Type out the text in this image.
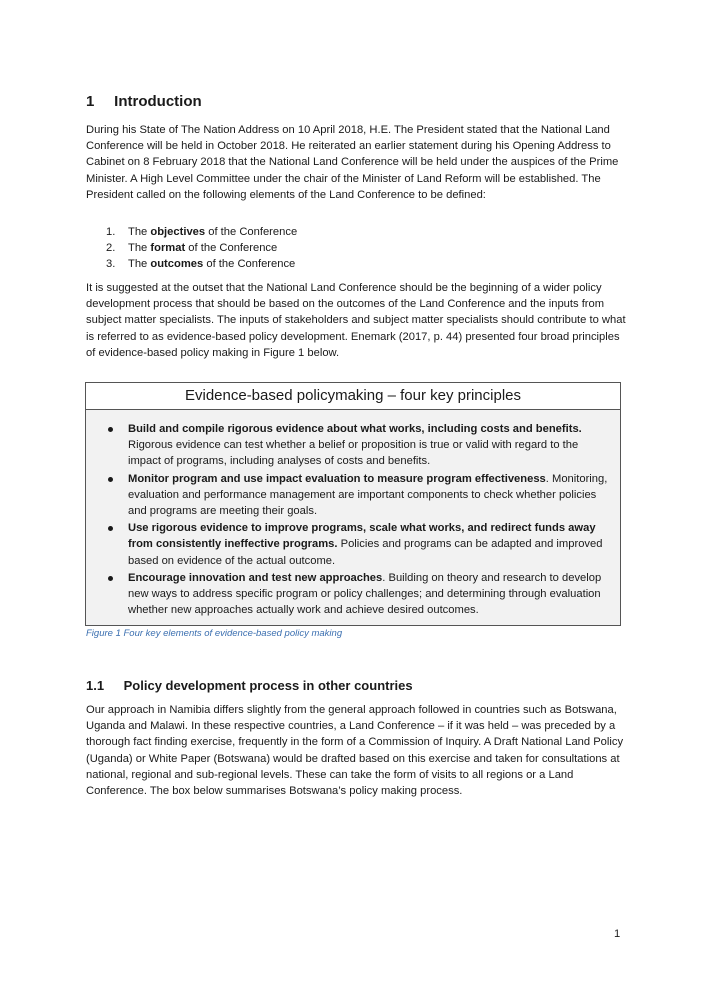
1 Introduction

During his State of The Nation Address on 10 April 2018, H.E. The President stated that the National Land Conference will be held in October 2018. He reiterated an earlier statement during his Opening Address to Cabinet on 8 February 2018 that the National Land Conference will be held under the auspices of the Prime Minister. A High Level Committee under the chair of the Minister of Land Reform will be established. The President called on the following elements of the Land Conference to be defined:

1. The objectives of the Conference
2. The format of the Conference
3. The outcomes of the Conference

It is suggested at the outset that the National Land Conference should be the beginning of a wider policy development process that should be based on the outcomes of the Land Conference and the inputs from subject matter specialists. The inputs of stakeholders and subject matter specialists should contribute to what is referred to as evidence-based policy development. Enemark (2017, p. 44) presented four broad principles of evidence-based policy making in Figure 1 below.

Evidence-based policymaking – four key principles
Build and compile rigorous evidence about what works, including costs and benefits. Rigorous evidence can test whether a belief or proposition is true or valid with regard to the impact of programs, including analyses of costs and benefits.
Monitor program and use impact evaluation to measure program effectiveness. Monitoring, evaluation and performance management are important components to check whether policies and programs are meeting their goals.
Use rigorous evidence to improve programs, scale what works, and redirect funds away from consistently ineffective programs. Policies and programs can be adapted and improved based on evidence of the actual outcome.
Encourage innovation and test new approaches. Building on theory and research to develop new ways to address specific program or policy challenges; and determining through evaluation whether new approaches actually work and achieve desired outcomes.

Figure 1 Four key elements of evidence-based policy making

1.1 Policy development process in other countries

Our approach in Namibia differs slightly from the general approach followed in countries such as Botswana, Uganda and Malawi. In these respective countries, a Land Conference – if it was held – was preceded by a thorough fact finding exercise, frequently in the form of a Commission of Inquiry. A Draft National Land Policy (Uganda) or White Paper (Botswana) would be drafted based on this exercise and taken for consultations at national, regional and sub-regional levels. These can take the form of visits to all regions or a Land Conference. The box below summarises Botswana’s policy making process.

1
